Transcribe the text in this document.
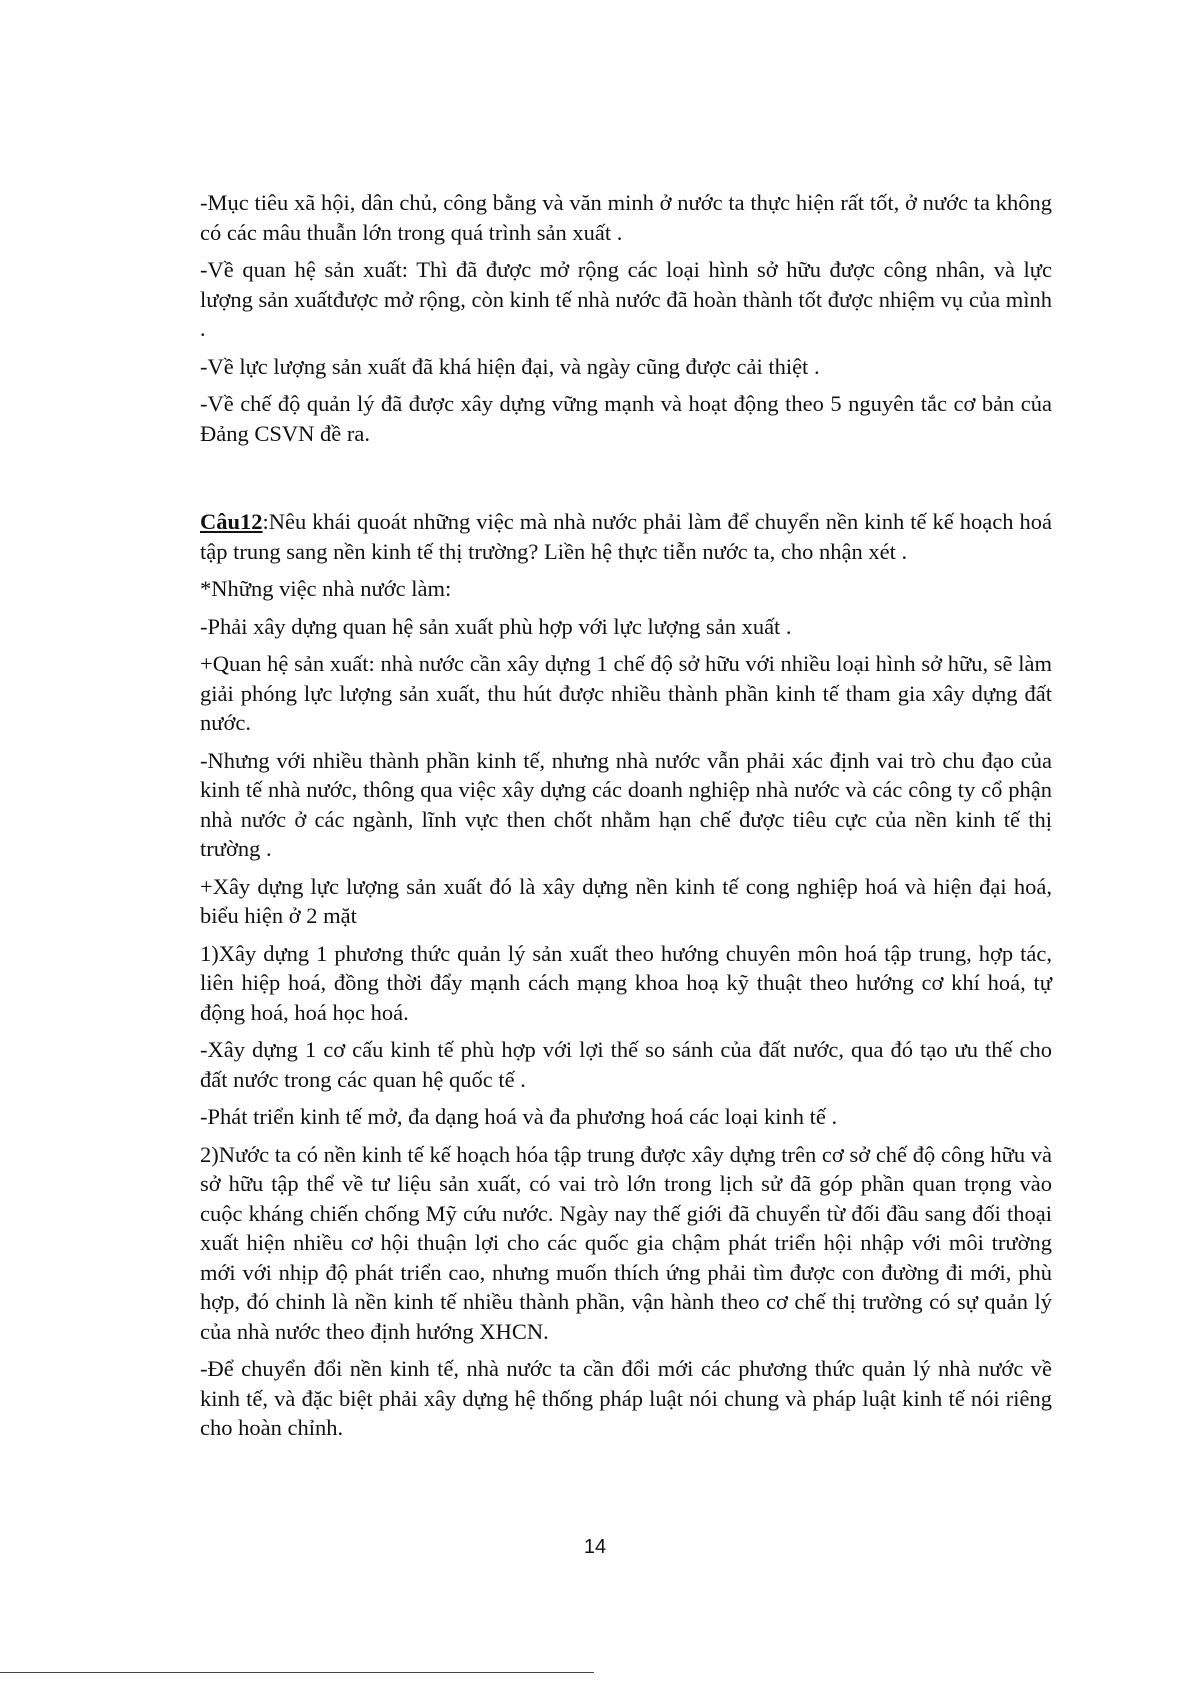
-Mục tiêu xã hội, dân chủ, công bằng và văn minh ở nước ta thực hiện rất tốt, ở nước ta không có các mâu thuẫn lớn trong quá trình sản xuất .

-Về quan hệ sản xuất: Thì đã được mở rộng các loại hình sở hữu được công nhân, và lực lượng sản xuấtđược mở rộng, còn kinh tế nhà nước đã hoàn thành tốt được nhiệm vụ của mình .

-Về lực lượng sản xuất đã khá hiện đại, và ngày cũng được cải thiệt .

-Về chế độ quản lý đã được xây dựng vững mạnh và hoạt động theo 5 nguyên tắc cơ bản của Đảng CSVN đề ra.

Câu12:Nêu khái quoát những việc mà nhà nước phải làm để chuyển nền kinh tế kế hoạch hoá tập trung sang nền kinh tế thị trường? Liền hệ thực tiễn nước ta, cho nhận xét .

*Những việc nhà nước làm:

-Phải xây dựng quan hệ sản xuất phù hợp với lực lượng sản xuất .

+Quan hệ sản xuất: nhà nước cần xây dựng 1 chế độ sở hữu với nhiều loại hình sở hữu, sẽ làm giải phóng lực lượng sản xuất, thu hút được nhiều thành phần kinh tế tham gia xây dựng đất nước.

-Nhưng với nhiều thành phần kinh tế, nhưng nhà nước vẫn phải xác định vai trò chu đạo của kinh tế nhà nước, thông qua việc xây dựng các doanh nghiệp nhà nước và các công ty cổ phận nhà nước ở các ngành, lĩnh vực then chốt nhằm hạn chế được tiêu cực của nền kinh tế thị trường .

+Xây dựng lực lượng sản xuất đó là xây dựng nền kinh tế cong nghiệp hoá và hiện đại hoá, biểu hiện ở 2 mặt

1)Xây dựng 1 phương thức quản lý sản xuất theo hướng chuyên môn hoá tập trung, hợp tác, liên hiệp hoá, đồng thời đẩy mạnh cách mạng khoa hoạ kỹ thuật theo hướng cơ khí hoá, tự động hoá, hoá học hoá.

-Xây dựng 1 cơ cấu kinh tế phù hợp với lợi thế so sánh của đất nước, qua đó tạo ưu thế cho đất nước trong các quan hệ quốc tế .

-Phát triển kinh tế mở, đa dạng hoá và đa phương hoá các loại kinh tế .

2)Nước ta có nền kinh tế kế hoạch hóa tập trung được xây dựng trên cơ sở chế độ công hữu và sở hữu tập thể về tư liệu sản xuất, có vai trò lớn trong lịch sử đã góp phần quan trọng vào cuộc kháng chiến chống Mỹ cứu nước. Ngày nay thế giới đã chuyển từ đối đầu sang đối thoại xuất hiện nhiều cơ hội thuận lợi cho các quốc gia chậm phát triển hội nhập với môi trường mới với nhịp độ phát triển cao, nhưng muốn thích ứng phải tìm được con đường đi mới, phù hợp, đó chinh là nền kinh tế nhiều thành phần, vận hành theo cơ chế thị trường có sự quản lý của nhà nước theo định hướng XHCN.

-Để chuyển đổi nền kinh tế, nhà nước ta cần đổi mới các phương thức quản lý nhà nước về kinh tế, và đặc biệt phải xây dựng hệ thống pháp luật nói chung và pháp luật kinh tế nói riêng cho hoàn chỉnh.

14
